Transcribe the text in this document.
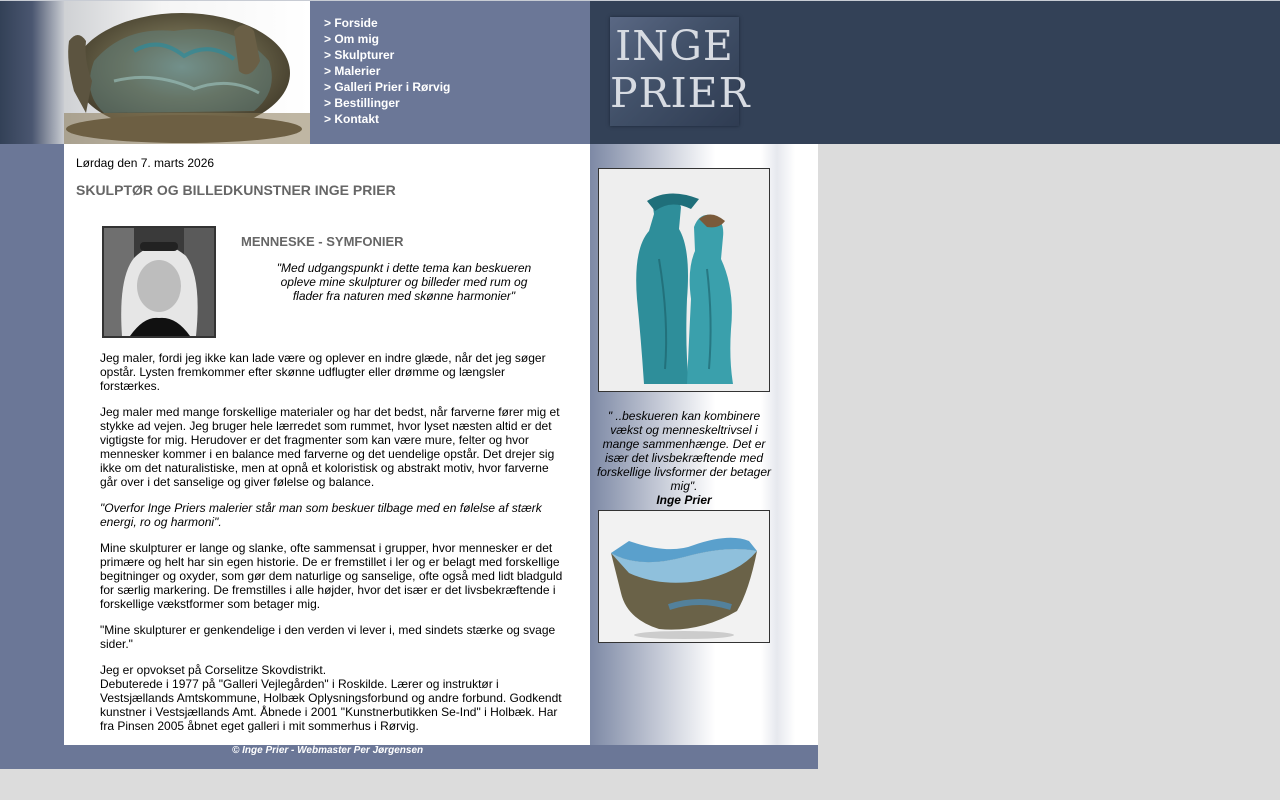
> Forside
> Om mig
> Skulpturer
> Malerier
> Galleri Prier i Rørvig
> Bestillinger
> Kontakt
INGE
PRIER
Lørdag den 7. marts 2026
SKULPTØR OG BILLEDKUNSTNER INGE PRIER
MENNESKE - SYMFONIER
"Med udgangspunkt i dette tema kan beskueren
opleve mine skulpturer og billeder med rum og
flader fra naturen med skønne harmonier"

Jeg maler, fordi jeg ikke kan lade være og oplever en indre glæde, når det jeg søger opstår. Lysten fremkommer efter skønne udflugter eller drømme og længsler forstærkes.

Jeg maler med mange forskellige materialer og har det bedst, når farverne fører mig et stykke ad vejen. Jeg bruger hele lærredet som rummet, hvor lyset næsten altid er det vigtigste for mig. Herudover er det fragmenter som kan være mure, felter og hvor mennesker kommer i en balance med farverne og det uendelige opstår. Det drejer sig ikke om det naturalistiske, men at opnå et koloristisk og abstrakt motiv, hvor farverne går over i det sanselige og giver følelse og balance.

"Overfor Inge Priers malerier står man som beskuer tilbage med en følelse af stærk energi, ro og harmoni".

Mine skulpturer er lange og slanke, ofte sammensat i grupper, hvor mennesker er det primære og helt har sin egen historie. De er fremstillet i ler og er belagt med forskellige begitninger og oxyder, som gør dem naturlige og sanselige, ofte også med lidt bladguld for særlig markering. De fremstilles i alle højder, hvor det især er det livsbekræftende i forskellige vækstformer som betager mig.

"Mine skulpturer er genkendelige i den verden vi lever i, med sindets stærke og svage sider."

Jeg er opvokset på Corselitze Skovdistrikt.

Debuterede i 1977 på "Galleri Vejlegården" i Roskilde. Lærer og instruktør i Vestsjællands Amtskommune, Holbæk Oplysningsforbund og andre forbund. Godkendt kunstner i Vestsjællands Amt. Åbnede i 2001 "Kunstnerbutikken Se-Ind" i Holbæk. Har fra Pinsen 2005 åbnet eget galleri i mit sommerhus i Rørvig.

" ..beskueren kan kombinere vækst og menneskeltrivsel i mange sammenhænge. Det er især det livsbekræftende med forskellige livsformer der betager mig".
Inge Prier
© Inge Prier - Webmaster Per Jørgensen
